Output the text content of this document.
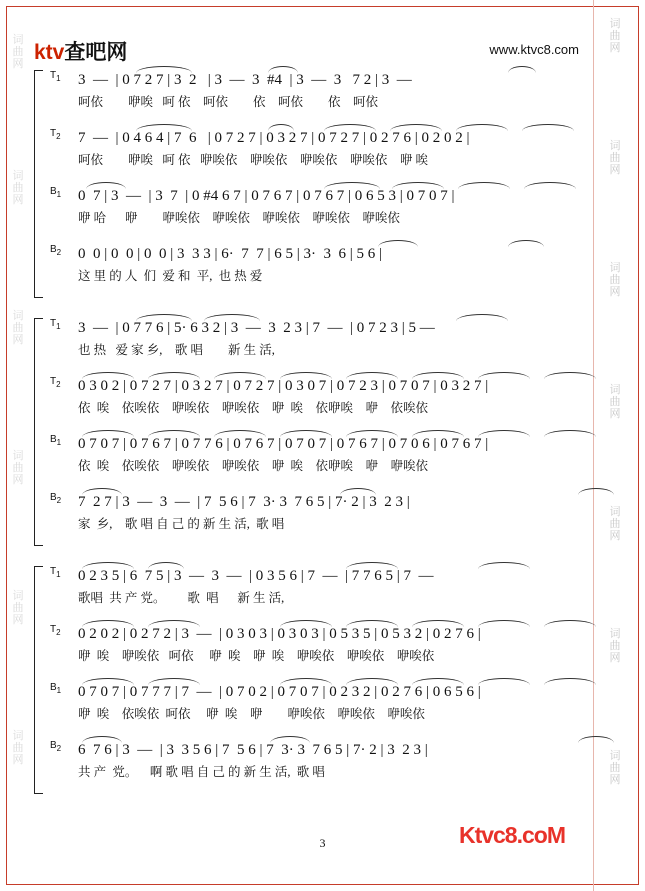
词
曲
网
词
曲
网
词
曲
网
词
曲
网
词
曲
网
词
曲
网
词
曲
网
词
曲
网
词
曲
网
词
曲
网
词
曲
网
词
曲
网
词
曲
网
ktv查吧网	www.ktvc8.com
$T_1$ 3  —  | 0 7 2 7 | 3  2   | 3  —  3  #4  | 3  —  3   7 2 | 3  —
呵依        咿唉   呵 依    呵依        依    呵依        依    呵依
$T_2$ 7  —  | 0 4 6 4 | 7  6   | 0 7 2 7 | 0 3 2 7 | 0 7 2 7 | 0 2 7 6 | 0 2 0 2 |
呵依        咿唉   呵 依   咿唉依    咿唉依    咿唉依    咿唉依    咿 唉
$B_1$ 0  7 | 3  —  | 3  7  | 0 #4 6 7 | 0 7 6 7 | 0 7 6 7 | 0 6 5 3 | 0 7 0 7 |
咿 哈      咿        咿唉依    咿唉依    咿唉依    咿唉依    咿唉依
$B_2$ 0  0 | 0  0 | 0  0 | 3  3 3 | 6·  7  7 | 6 5 | 3·  3  6 | 5 6 |
这 里 的 人  们  爱 和  平,  也 热 爱
$T_1$ 3  —  | 0 7 7 6 | 5· 6 3 2 | 3  —  3  2 3 | 7  —  | 0 7 2 3 | 5 —
也 热   爱 家 乡,    歌 唱        新 生 活,
$T_2$ 0 3 0 2 | 0 7 2 7 | 0 3 2 7 | 0 7 2 7 | 0 3 0 7 | 0 7 2 3 | 0 7 0 7 | 0 3 2 7 |
依  唉    依唉依    咿唉依    咿唉依    咿  唉    依咿唉    咿    依唉依
$B_1$ 0 7 0 7 | 0 7 6 7 | 0 7 7 6 | 0 7 6 7 | 0 7 0 7 | 0 7 6 7 | 0 7 0 6 | 0 7 6 7 |
依  唉    依唉依    咿唉依    咿唉依    咿  唉    依咿唉    咿    咿唉依
$B_2$ 7  2 7 | 3  —  3  —  | 7  5 6 | 7  3· 3  7 6 5 | 7· 2 | 3  2 3 |
家  乡,    歌 唱 自 己 的 新 生 活,  歌 唱
$T_1$ 0 2 3 5 | 6  7 5 | 3  —  3  —  | 0 3 5 6 | 7  —  | 7 7 6 5 | 7  —
歌唱  共 产 党。       歌  唱      新 生 活,
$T_2$ 0 2 0 2 | 0 2 7 2 | 3  —  | 0 3 0 3 | 0 3 0 3 | 0 5 3 5 | 0 5 3 2 | 0 2 7 6 |
咿  唉    咿唉依   呵依     咿  唉    咿  唉    咿唉依    咿唉依    咿唉依
$B_1$ 0 7 0 7 | 0 7 7 7 | 7  —  | 0 7 0 2 | 0 7 0 7 | 0 2 3 2 | 0 2 7 6 | 0 6 5 6 |
咿  唉    依唉依  呵依     咿  唉    咿        咿唉依    咿唉依    咿唉依
$B_2$ 6  7 6 | 3  —  | 3  3 5 6 | 7  5 6 | 7  3· 3  7 6 5 | 7· 2 | 3  2 3 |
共 产  党。    啊 歌 唱 自 己 的 新 生 活,  歌 唱
Ktvc8.coM
3
